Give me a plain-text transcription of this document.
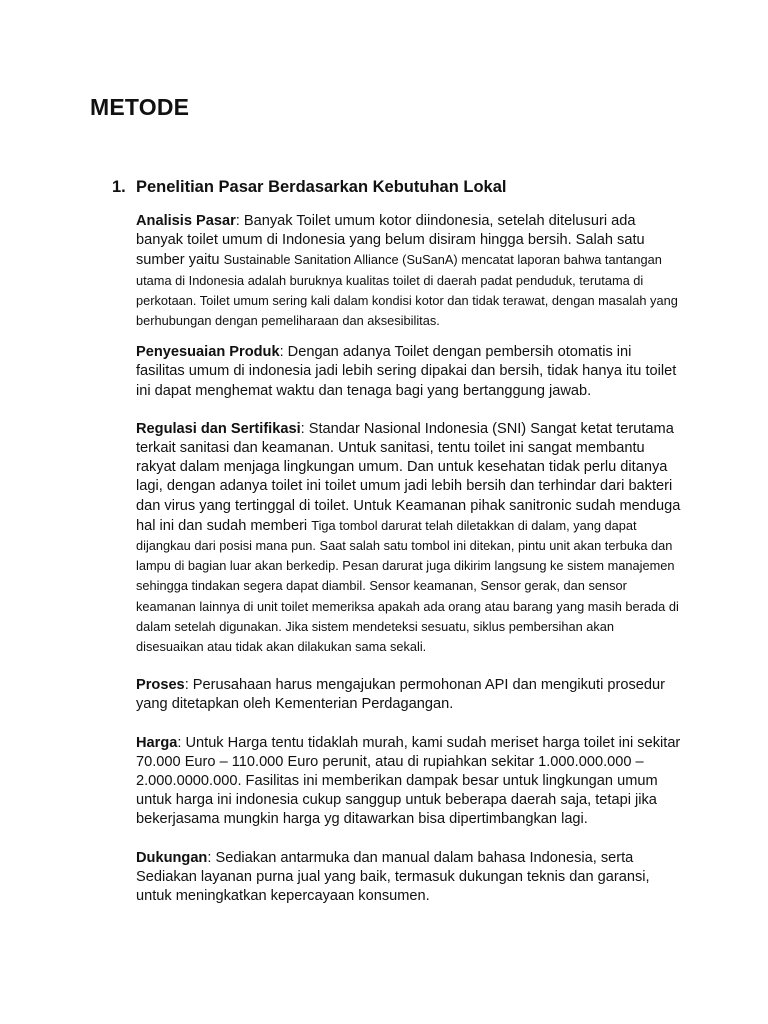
METODE
1. Penelitian Pasar Berdasarkan Kebutuhan Lokal

Analisis Pasar: Banyak Toilet umum kotor diindonesia, setelah ditelusuri ada banyak toilet umum di Indonesia yang belum disiram hingga bersih. Salah satu sumber yaitu Sustainable Sanitation Alliance (SuSanA) mencatat laporan bahwa tantangan utama di Indonesia adalah buruknya kualitas toilet di daerah padat penduduk, terutama di perkotaan. Toilet umum sering kali dalam kondisi kotor dan tidak terawat, dengan masalah yang berhubungan dengan pemeliharaan dan aksesibilitas.

Penyesuaian Produk: Dengan adanya Toilet dengan pembersih otomatis ini fasilitas umum di indonesia jadi lebih sering dipakai dan bersih, tidak hanya itu toilet ini dapat menghemat waktu dan tenaga bagi yang bertanggung jawab.

Regulasi dan Sertifikasi: Standar Nasional Indonesia (SNI) Sangat ketat terutama terkait sanitasi dan keamanan. Untuk sanitasi, tentu toilet ini sangat membantu rakyat dalam menjaga lingkungan umum. Dan untuk kesehatan tidak perlu ditanya lagi, dengan adanya toilet ini toilet umum jadi lebih bersih dan terhindar dari bakteri dan virus yang tertinggal di toilet. Untuk Keamanan pihak sanitronic sudah menduga hal ini dan sudah memberi Tiga tombol darurat telah diletakkan di dalam, yang dapat dijangkau dari posisi mana pun. Saat salah satu tombol ini ditekan, pintu unit akan terbuka dan lampu di bagian luar akan berkedip. Pesan darurat juga dikirim langsung ke sistem manajemen sehingga tindakan segera dapat diambil. Sensor keamanan, Sensor gerak, dan sensor keamanan lainnya di unit toilet memeriksa apakah ada orang atau barang yang masih berada di dalam setelah digunakan. Jika sistem mendeteksi sesuatu, siklus pembersihan akan disesuaikan atau tidak akan dilakukan sama sekali.

Proses: Perusahaan harus mengajukan permohonan API dan mengikuti prosedur yang ditetapkan oleh Kementerian Perdagangan.

Harga: Untuk Harga tentu tidaklah murah, kami sudah meriset harga toilet ini sekitar 70.000 Euro – 110.000 Euro perunit, atau di rupiahkan sekitar 1.000.000.000 – 2.000.0000.000. Fasilitas ini memberikan dampak besar untuk lingkungan umum untuk harga ini indonesia cukup sanggup untuk beberapa daerah saja, tetapi jika bekerjasama mungkin harga yg ditawarkan bisa dipertimbangkan lagi.

Dukungan: Sediakan antarmuka dan manual dalam bahasa Indonesia, serta Sediakan layanan purna jual yang baik, termasuk dukungan teknis dan garansi, untuk meningkatkan kepercayaan konsumen.
